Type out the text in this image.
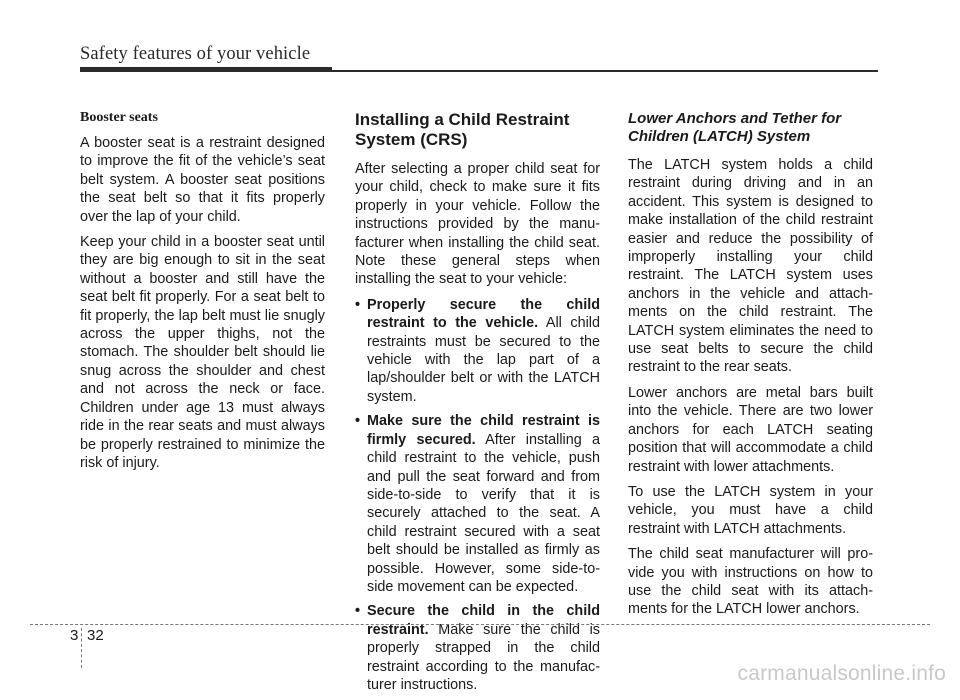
Safety features of your vehicle
Booster seats

A booster seat is a restraint designed to improve the fit of the vehicle’s seat belt system. A booster seat positions the seat belt so that it fits properly over the lap of your child.

Keep your child in a booster seat until they are big enough to sit in the seat without a booster and still have the seat belt fit properly. For a seat belt to fit properly, the lap belt must lie snugly across the upper thighs, not the stomach. The shoulder belt should lie snug across the shoulder and chest and not across the neck or face. Children under age 13 must always ride in the rear seats and must always be properly restrained to minimize the risk of injury.

Installing a Child Restraint System (CRS)

After selecting a proper child seat for your child, check to make sure it fits properly in your vehicle. Follow the instructions provided by the manu-facturer when installing the child seat. Note these general steps when installing the seat to your vehicle:

• Properly secure the child restraint to the vehicle. All child restraints must be secured to the vehicle with the lap part of a lap/shoulder belt or with the LATCH system.
• Make sure the child restraint is firmly secured. After installing a child restraint to the vehicle, push and pull the seat forward and from side-to-side to verify that it is securely attached to the seat. A child restraint secured with a seat belt should be installed as firmly as possible. However, some side-to-side movement can be expected.
• Secure the child in the child restraint. Make sure the child is properly strapped in the child restraint according to the manufac-turer instructions.
Lower Anchors and Tether for Children (LATCH) System

The LATCH system holds a child restraint during driving and in an accident. This system is designed to make installation of the child restraint easier and reduce the possibility of improperly installing your child restraint. The LATCH system uses anchors in the vehicle and attach-ments on the child restraint. The LATCH system eliminates the need to use seat belts to secure the child restraint to the rear seats.

Lower anchors are metal bars built into the vehicle. There are two lower anchors for each LATCH seating position that will accommodate a child restraint with lower attachments.

To use the LATCH system in your vehicle, you must have a child restraint with LATCH attachments.

The child seat manufacturer will pro-vide you with instructions on how to use the child seat with its attach-ments for the LATCH lower anchors.

3 32
carmanualsonline.info
